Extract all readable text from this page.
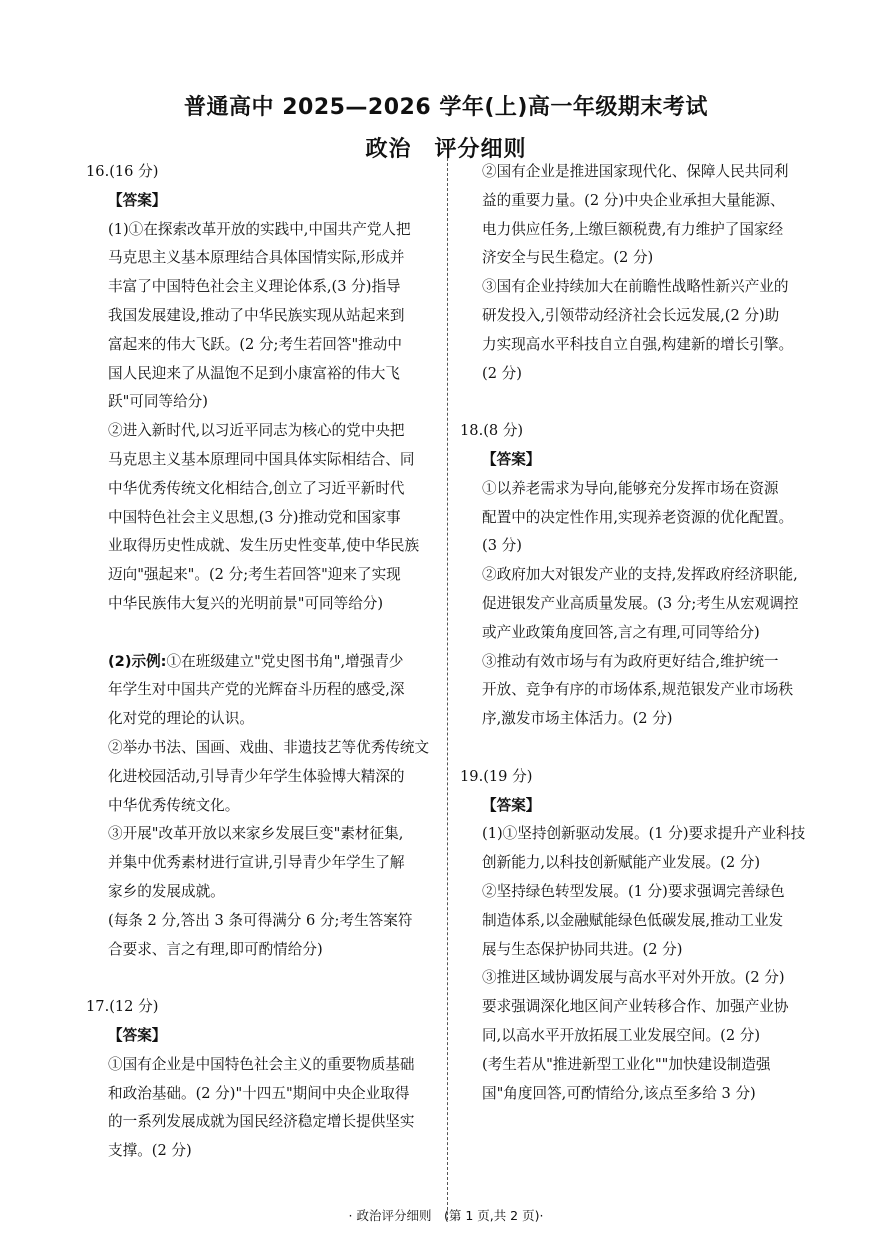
普通高中 2025—2026 学年(上)高一年级期末考试
政治　评分细则
16.(16 分)
【答案】
(1)①在探索改革开放的实践中,中国共产党人把
马克思主义基本原理结合具体国情实际,形成并
丰富了中国特色社会主义理论体系,(3 分)指导
我国发展建设,推动了中华民族实现从站起来到
富起来的伟大飞跃。(2 分;考生若回答"推动中
国人民迎来了从温饱不足到小康富裕的伟大飞
跃"可同等给分)
②进入新时代,以习近平同志为核心的党中央把
马克思主义基本原理同中国具体实际相结合、同
中华优秀传统文化相结合,创立了习近平新时代
中国特色社会主义思想,(3 分)推动党和国家事
业取得历史性成就、发生历史性变革,使中华民族
迈向"强起来"。(2 分;考生若回答"迎来了实现
中华民族伟大复兴的光明前景"可同等给分)
(2)示例:①在班级建立"党史图书角",增强青少
年学生对中国共产党的光辉奋斗历程的感受,深
化对党的理论的认识。
②举办书法、国画、戏曲、非遗技艺等优秀传统文
化进校园活动,引导青少年学生体验博大精深的
中华优秀传统文化。
③开展"改革开放以来家乡发展巨变"素材征集,
并集中优秀素材进行宣讲,引导青少年学生了解
家乡的发展成就。
(每条 2 分,答出 3 条可得满分 6 分;考生答案符
合要求、言之有理,即可酌情给分)
17.(12 分)
【答案】
①国有企业是中国特色社会主义的重要物质基础
和政治基础。(2 分)"十四五"期间中央企业取得
的一系列发展成就为国民经济稳定增长提供坚实
支撑。(2 分)
②国有企业是推进国家现代化、保障人民共同利
益的重要力量。(2 分)中央企业承担大量能源、
电力供应任务,上缴巨额税费,有力维护了国家经
济安全与民生稳定。(2 分)
③国有企业持续加大在前瞻性战略性新兴产业的
研发投入,引领带动经济社会长远发展,(2 分)助
力实现高水平科技自立自强,构建新的增长引擎。
(2 分)
18.(8 分)
【答案】
①以养老需求为导向,能够充分发挥市场在资源
配置中的决定性作用,实现养老资源的优化配置。
(3 分)
②政府加大对银发产业的支持,发挥政府经济职能,
促进银发产业高质量发展。(3 分;考生从宏观调控
或产业政策角度回答,言之有理,可同等给分)
③推动有效市场与有为政府更好结合,维护统一
开放、竞争有序的市场体系,规范银发产业市场秩
序,激发市场主体活力。(2 分)
19.(19 分)
【答案】
(1)①坚持创新驱动发展。(1 分)要求提升产业科技
创新能力,以科技创新赋能产业发展。(2 分)
②坚持绿色转型发展。(1 分)要求强调完善绿色
制造体系,以金融赋能绿色低碳发展,推动工业发
展与生态保护协同共进。(2 分)
③推进区域协调发展与高水平对外开放。(2 分)
要求强调深化地区间产业转移合作、加强产业协
同,以高水平开放拓展工业发展空间。(2 分)
(考生若从"推进新型工业化""加快建设制造强
国"角度回答,可酌情给分,该点至多给 3 分)
· 政治评分细则　(第 1 页,共 2 页)·
